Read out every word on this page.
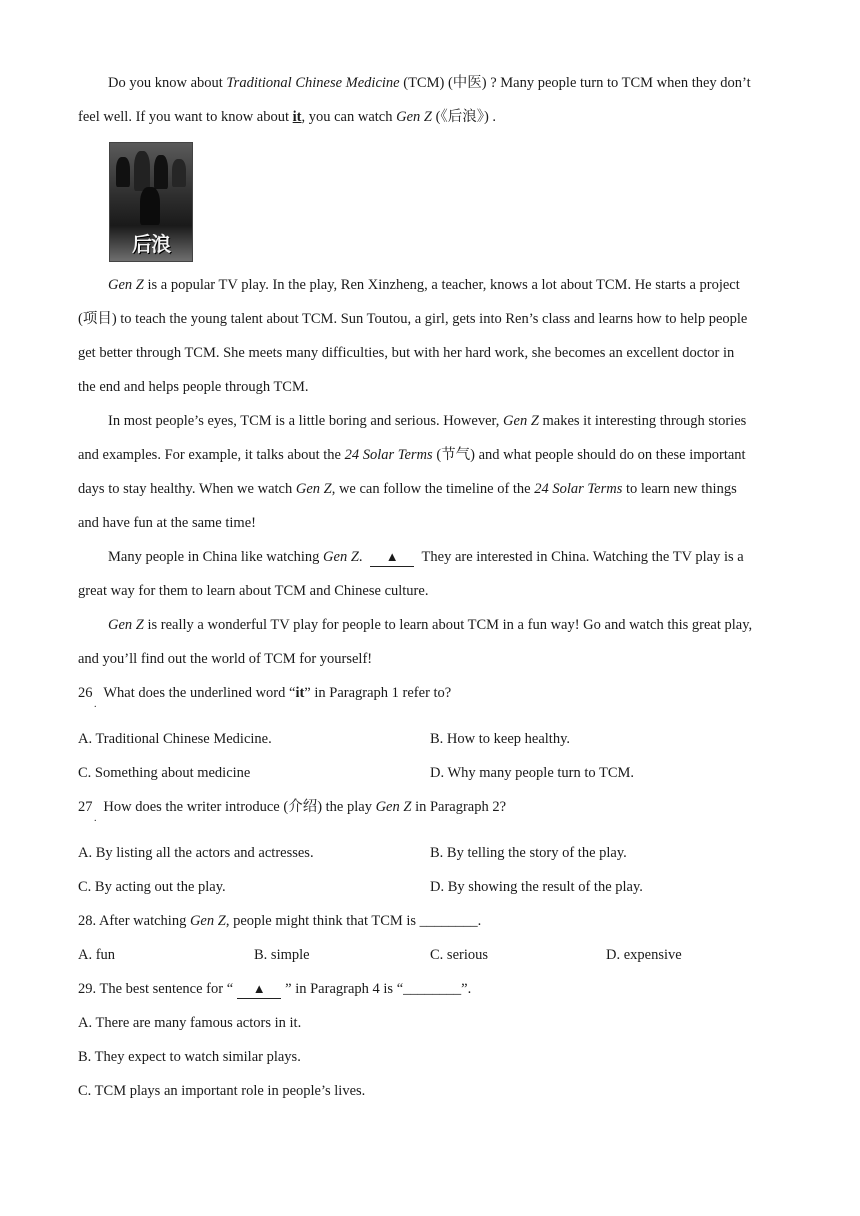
Do you know about Traditional Chinese Medicine (TCM) (中医) ? Many people turn to TCM when they don’t
feel well. If you want to know about it, you can watch Gen Z (《后浪》) .
后浪
Gen Z is a popular TV play. In the play, Ren Xinzheng, a teacher, knows a lot about TCM. He starts a project
(项目) to teach the young talent about TCM. Sun Toutou, a girl, gets into Ren’s class and learns how to help people
get better through TCM. She meets many difficulties, but with her hard work, she becomes an excellent doctor in
the end and helps people through TCM.
In most people’s eyes, TCM is a little boring and serious. However, Gen Z makes it interesting through stories
and examples. For example, it talks about the 24 Solar Terms (节气) and what people should do on these important
days to stay healthy. When we watch Gen Z, we can follow the timeline of the 24 Solar Terms to learn new things
and have fun at the same time!
Many people in China like watching Gen Z. ▲ They are interested in China. Watching the TV play is a
great way for them to learn about TCM and Chinese culture.
Gen Z is really a wonderful TV play for people to learn about TCM in a fun way! Go and watch this great play,
and you’ll find out the world of TCM for yourself!
26
.
What does the underlined word “it” in Paragraph 1 refer to?
A. Traditional Chinese Medicine.	B. How to keep healthy.
C. Something about medicine	D. Why many people turn to TCM.
27
.
How does the writer introduce (介绍) the play Gen Z in Paragraph 2?
A. By listing all the actors and actresses.	B. By telling the story of the play.
C. By acting out the play.	D. By showing the result of the play.
28. After watching Gen Z, people might think that TCM is ________.
A. fun	B. simple	C. serious	D. expensive
29. The best sentence for “ ▲ ” in Paragraph 4 is “________”.
A. There are many famous actors in it.
B. They expect to watch similar plays.
C. TCM plays an important role in people’s lives.
